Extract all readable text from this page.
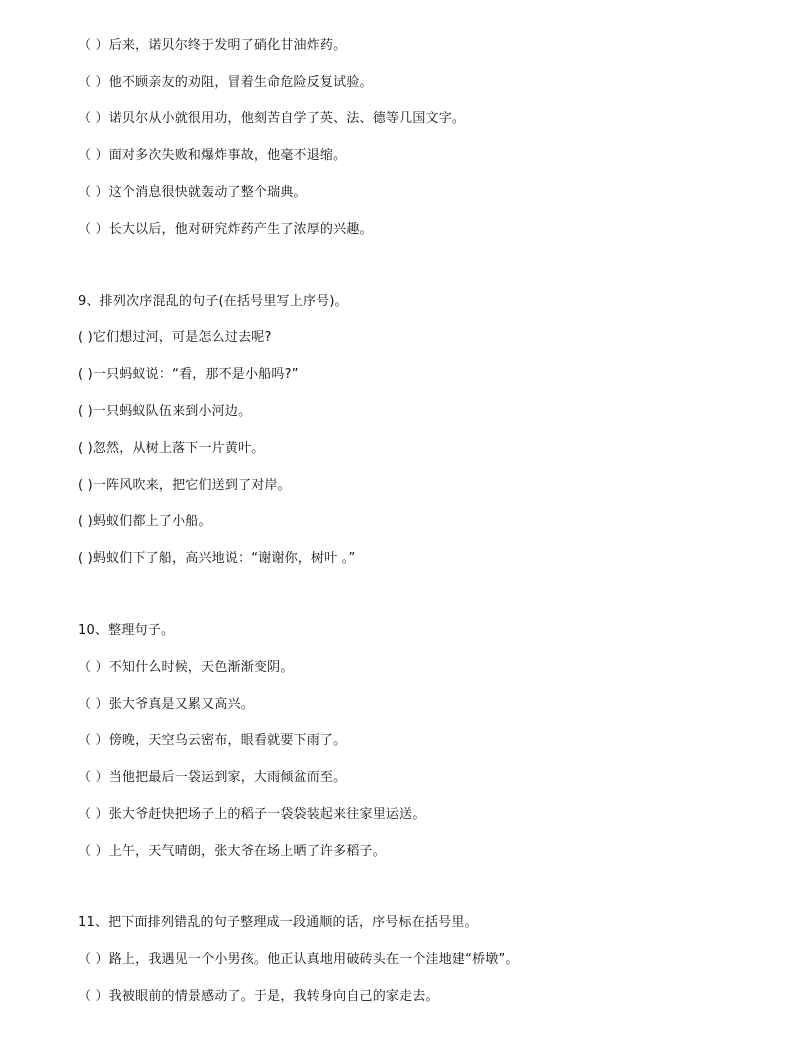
（ ）后来，诺贝尔终于发明了硝化甘油炸药。
（ ）他不顾亲友的劝阻，冒着生命危险反复试验。
（ ）诺贝尔从小就很用功，他刻苦自学了英、法、德等几国文字。
（ ）面对多次失败和爆炸事故，他毫不退缩。
（ ）这个消息很快就轰动了整个瑞典。
（ ）长大以后，他对研究炸药产生了浓厚的兴趣。
9、排列次序混乱的句子(在括号里写上序号)。
( )它们想过河，可是怎么过去呢?
( )一只蚂蚁说：“看，那不是小船吗?”
( )一只蚂蚁队伍来到小河边。
( )忽然，从树上落下一片黄叶。
( )一阵风吹来，把它们送到了对岸。
( )蚂蚁们都上了小船。
( )蚂蚁们下了船，高兴地说：“谢谢你，树叶 。”
10、整理句子。
（ ）不知什么时候，天色渐渐变阴。
（ ）张大爷真是又累又高兴。
（ ）傍晚，天空乌云密布，眼看就要下雨了。
（ ）当他把最后一袋运到家，大雨倾盆而至。
（ ）张大爷赶快把场子上的稻子一袋袋装起来往家里运送。
（ ）上午，天气晴朗，张大爷在场上晒了许多稻子。
11、把下面排列错乱的句子整理成一段通顺的话，序号标在括号里。
（ ）路上，我遇见一个小男孩。他正认真地用破砖头在一个洼地建“桥墩”。
（ ）我被眼前的情景感动了。于是，我转身向自己的家走去。
